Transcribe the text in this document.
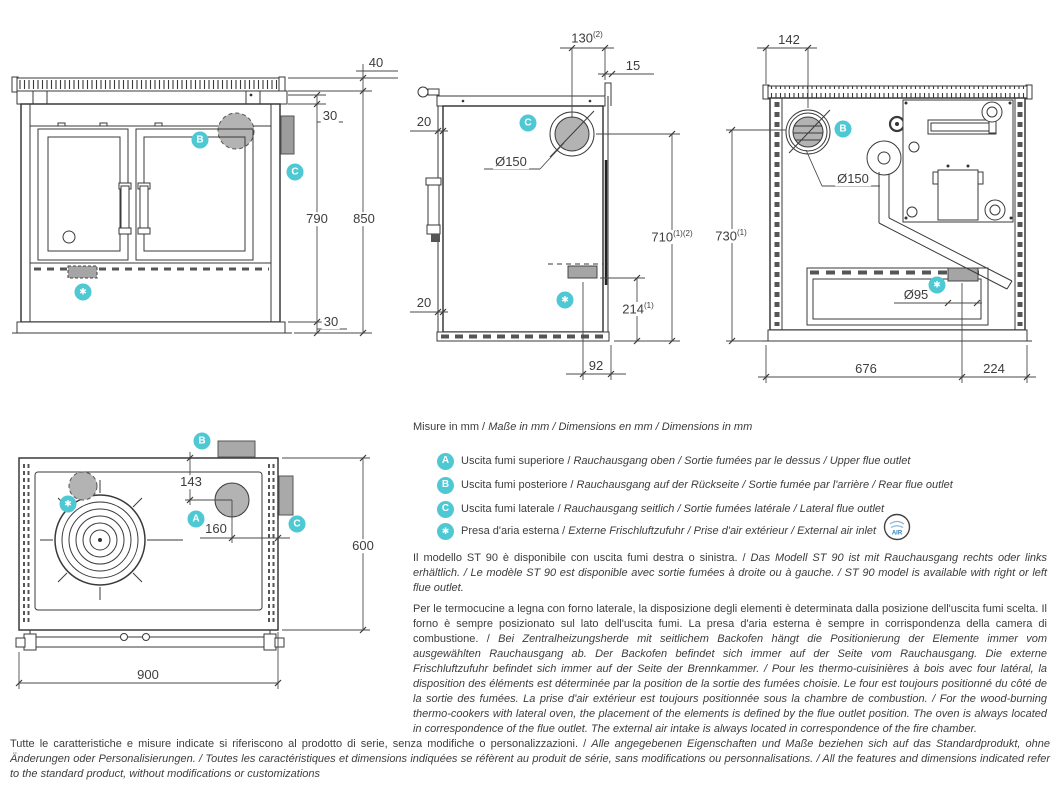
40
30
790 850
30
130$^{(2)}$
15
20
Ø150
$710^{(1)(2)}$
20	214$^{(1)}$
92
142
Ø150
Ø95
676	224
730$^{(1)}$
143
160
900
600
B
C
✱
C
✱
B
✱
B
✱
A	C
Misure in mm / Maße in mm / Dimensions en mm / Dimensions in mm
A	Uscita fumi superiore / Rauchausgang oben / Sortie fumées par le dessus / Upper flue outlet
B	Uscita fumi posteriore / Rauchausgang auf der Rückseite / Sortie fumée par l'arrière / Rear flue outlet
C	Uscita fumi laterale / Rauchausgang seitlich / Sortie fumées latérale / Lateral flue outlet
✱	Presa d'aria esterna / Externe Frischluftzufuhr / Prise d'air extérieur / External air inlet	AIR

Il modello ST 90 è disponibile con uscita fumi destra o sinistra. / Das Modell ST 90 ist mit Rauchausgang rechts oder links erhältlich. / Le modèle ST 90 est disponible avec sortie fumées à droite ou à gauche. / ST 90 model is available with right or left flue outlet.

Per le termocucine a legna con forno laterale, la disposizione degli elementi è determinata dalla posizione dell'uscita fumi scelta. Il forno è sempre posizionato sul lato dell'uscita fumi. La presa d'aria esterna è sempre in corrispondenza della camera di combustione. / Bei Zentralheizungsherde mit seitlichem Backofen hängt die Positionierung der Elemente immer vom ausgewählten Rauchausgang ab. Der Backofen befindet sich immer auf der Seite vom Rauchausgang. Die externe Frischluftzufuhr befindet sich immer auf der Seite der Brennkammer. / Pour les thermo-cuisinières à bois avec four latéral, la disposition des éléments est déterminée par la position de la sortie des fumées choisie. Le four est toujours positionné du côté de la sortie des fumées. La prise d'air extérieur est toujours positionnée sous la chambre de combustion. / For the wood-burning thermo-cookers with lateral oven, the placement of the elements is defined by the flue outlet position. The oven is always located in correspondence of the flue outlet. The external air intake is always located in correspondence of the fire chamber.

Tutte le caratteristiche e misure indicate si riferiscono al prodotto di serie, senza modifiche o personalizzazioni. / Alle angegebenen Eigenschaften und Maße beziehen sich auf das Standardprodukt, ohne Änderungen oder Personalisierungen. / Toutes les caractéristiques et dimensions indiquées se réfèrent au produit de série, sans modifications ou personnalisations. / All the features and dimensions indicated refer to the standard product, without modifications or customizations
